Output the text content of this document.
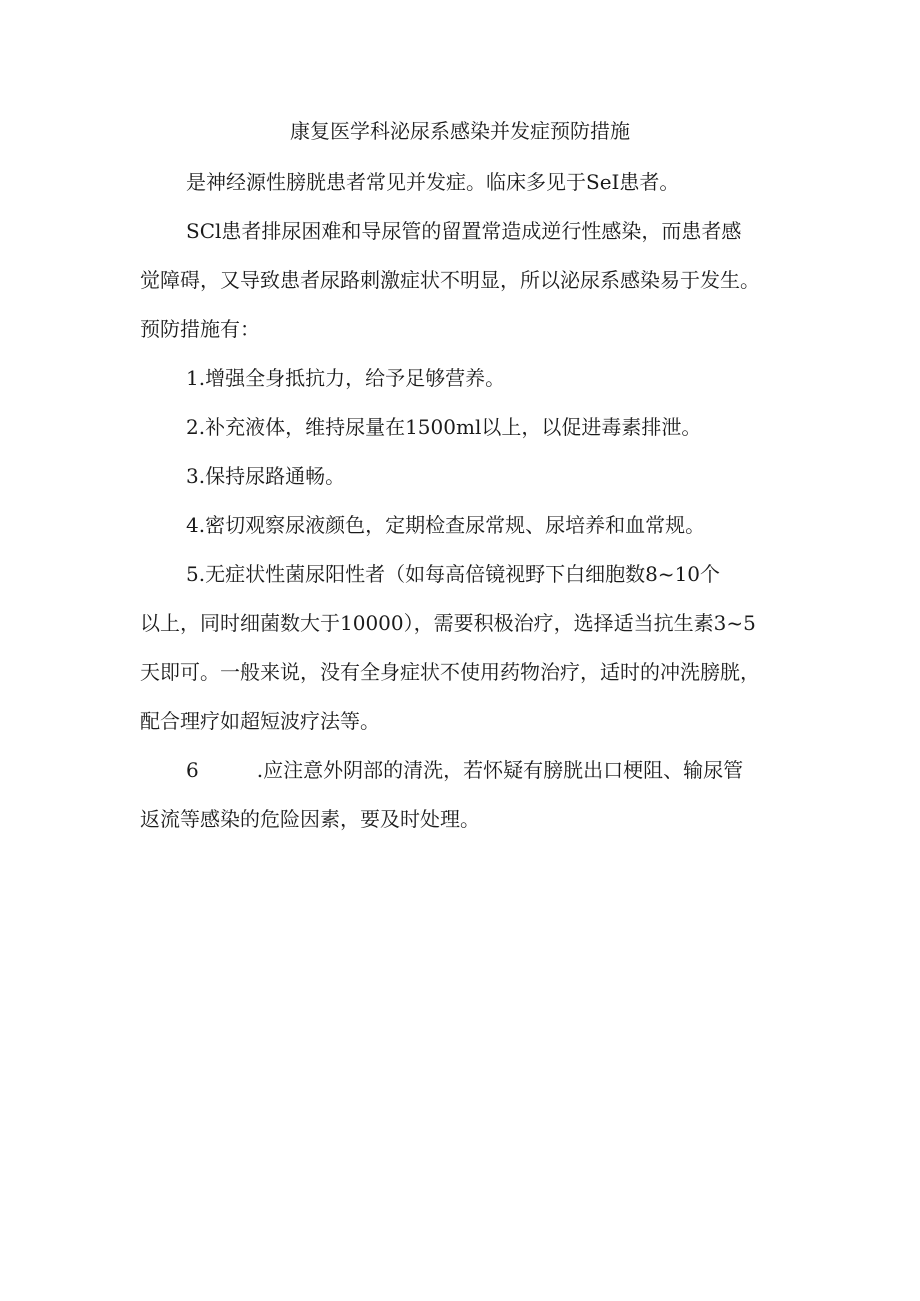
康复医学科泌尿系感染并发症预防措施
是神经源性膀胱患者常见并发症。临床多见于SeI患者。
SCl患者排尿困难和导尿管的留置常造成逆行性感染，而患者感
觉障碍，又导致患者尿路刺激症状不明显，所以泌尿系感染易于发生。
预防措施有：
1.增强全身抵抗力，给予足够营养。
2.补充液体，维持尿量在1500ml以上，以促进毒素排泄。
3.保持尿路通畅。
4.密切观察尿液颜色，定期检查尿常规、尿培养和血常规。
5.无症状性菌尿阳性者（如每高倍镜视野下白细胞数8~10个
以上，同时细菌数大于10000），需要积极治疗，选择适当抗生素3~5
天即可。一般来说，没有全身症状不使用药物治疗，适时的冲洗膀胱，
配合理疗如超短波疗法等。
6	.应注意外阴部的清洗，若怀疑有膀胱出口梗阻、输尿管
返流等感染的危险因素，要及时处理。
